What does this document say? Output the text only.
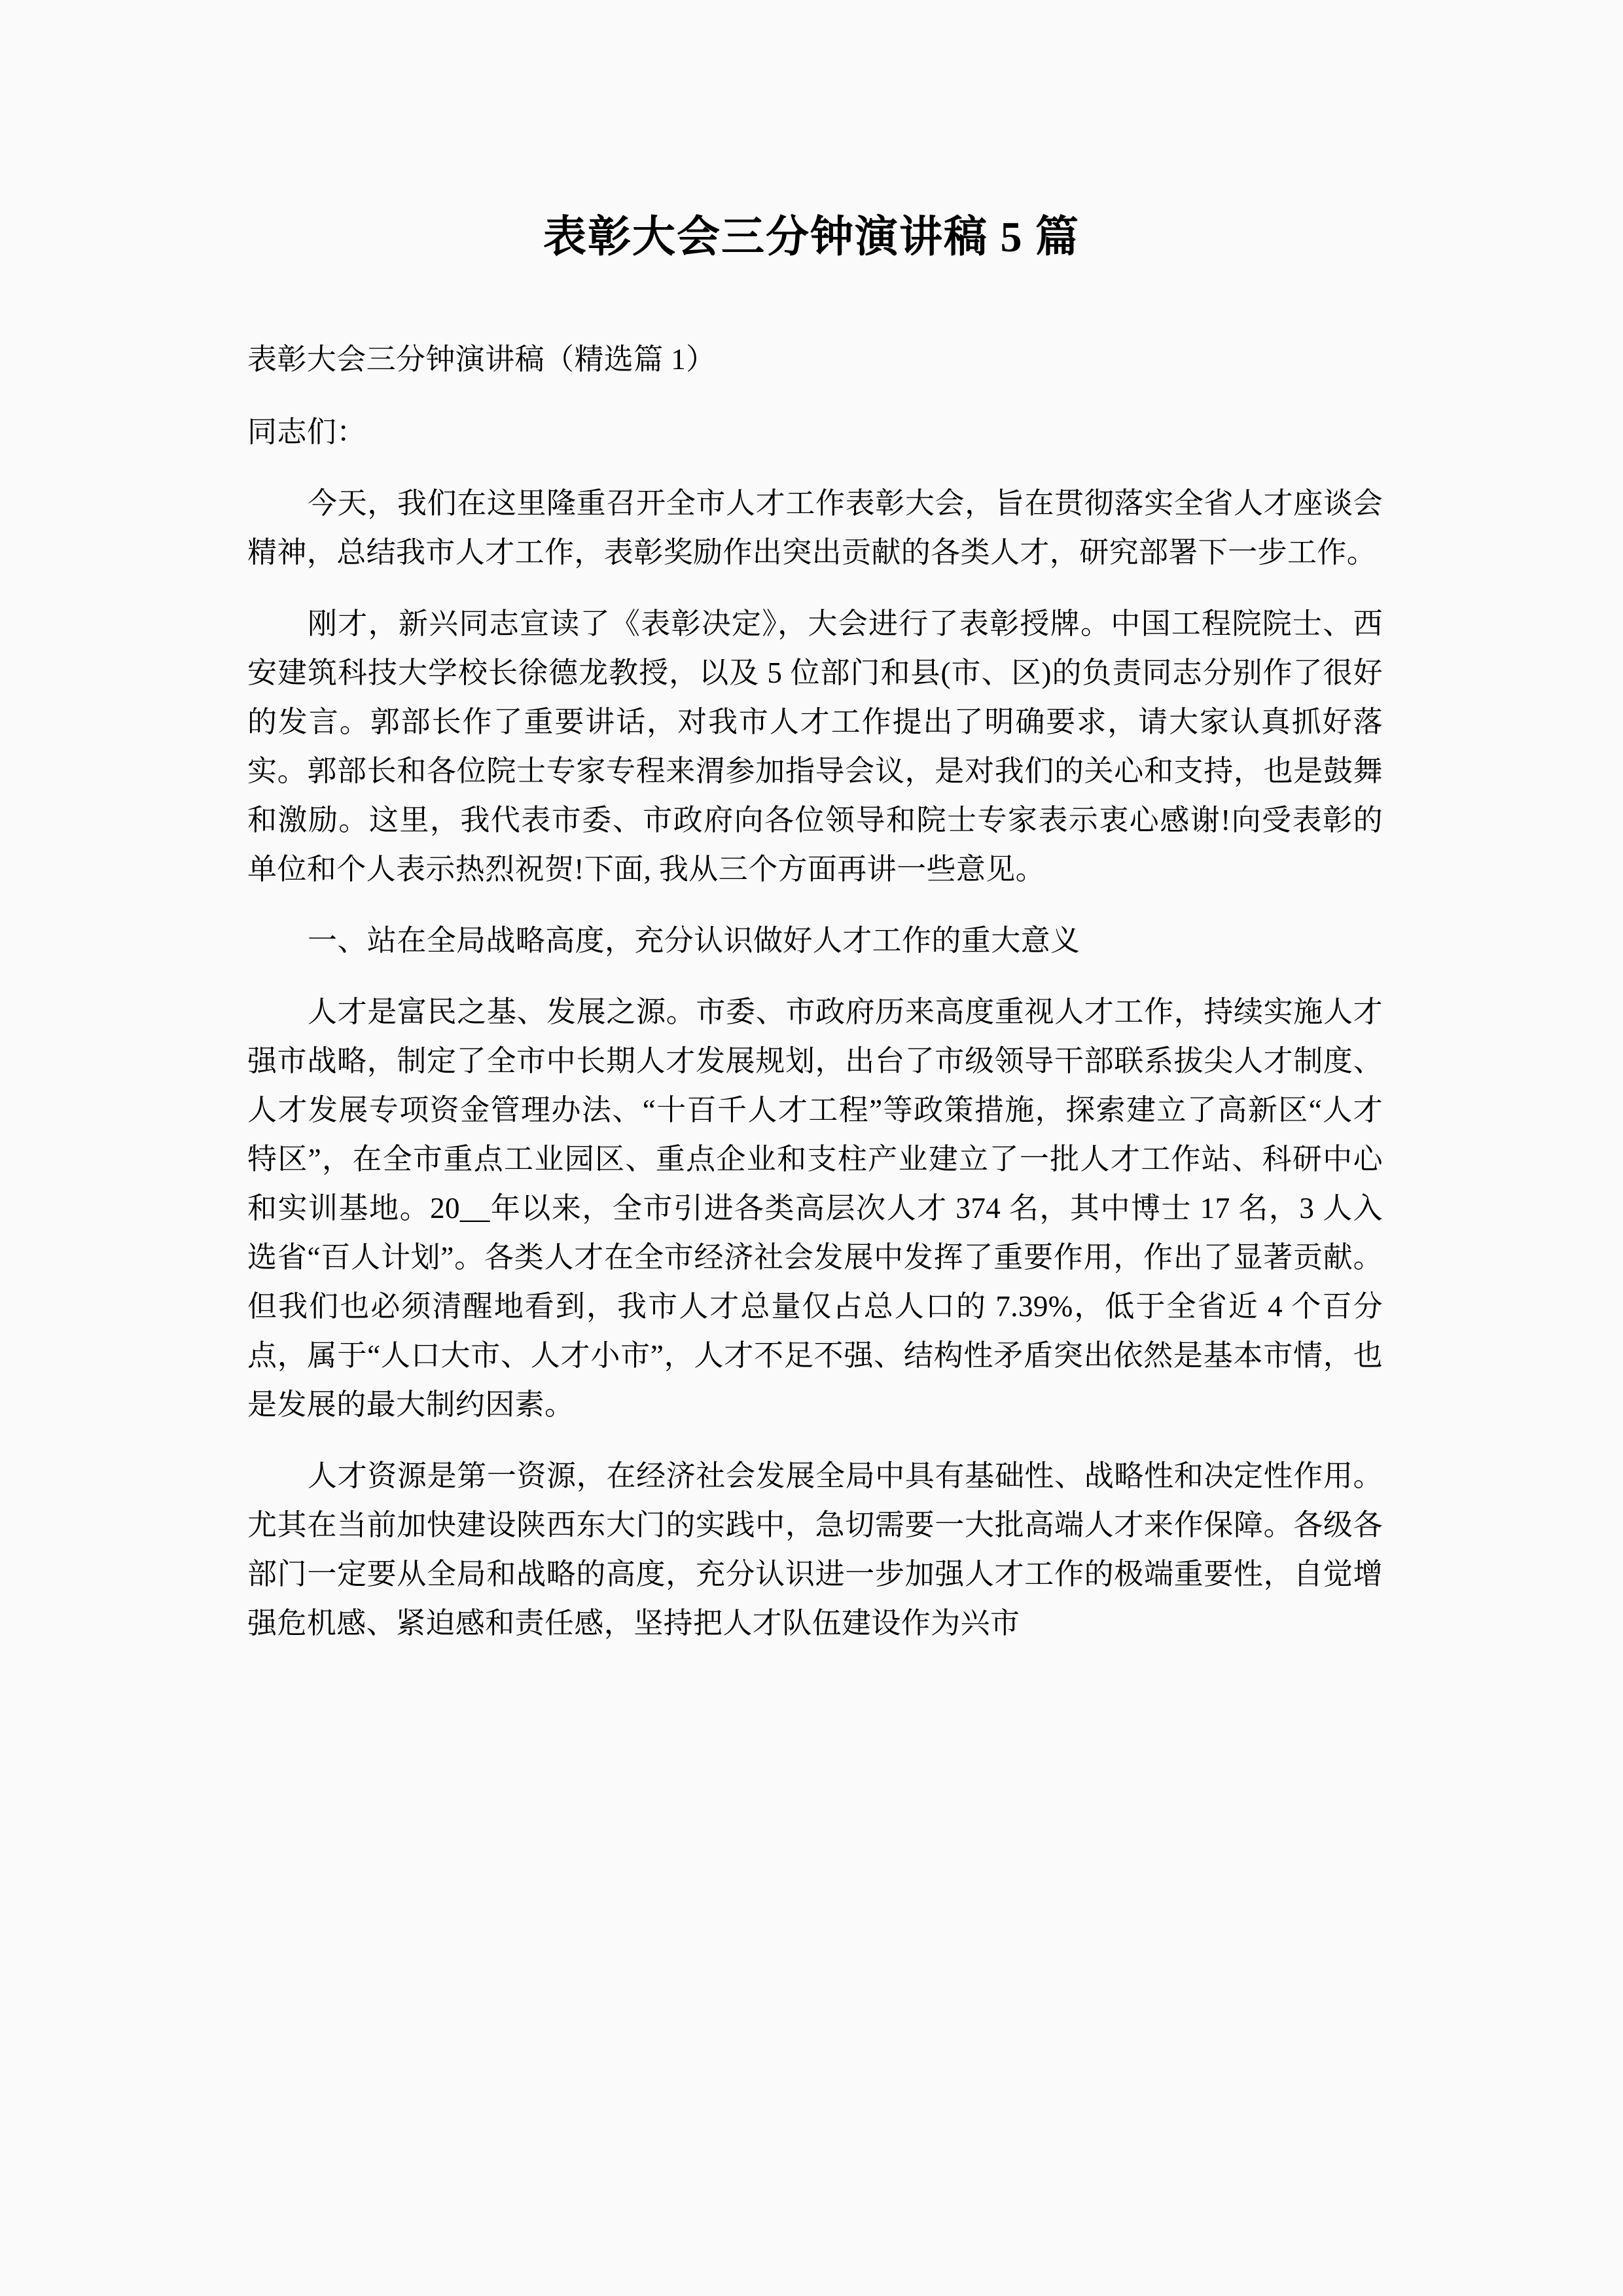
表彰大会三分钟演讲稿 5 篇

表彰大会三分钟演讲稿（精选篇 1）

同志们：

今天，我们在这里隆重召开全市人才工作表彰大会，旨在贯彻落实全省人才座谈会精神，总结我市人才工作，表彰奖励作出突出贡献的各类人才，研究部署下一步工作。

刚才，新兴同志宣读了《表彰决定》，大会进行了表彰授牌。中国工程院院士、西安建筑科技大学校长徐德龙教授，以及 5 位部门和县(市、区)的负责同志分别作了很好的发言。郭部长作了重要讲话，对我市人才工作提出了明确要求，请大家认真抓好落实。郭部长和各位院士专家专程来渭参加指导会议，是对我们的关心和支持，也是鼓舞和激励。这里，我代表市委、市政府向各位领导和院士专家表示衷心感谢!向受表彰的单位和个人表示热烈祝贺!下面, 我从三个方面再讲一些意见。

一、站在全局战略高度，充分认识做好人才工作的重大意义

人才是富民之基、发展之源。市委、市政府历来高度重视人才工作，持续实施人才强市战略，制定了全市中长期人才发展规划，出台了市级领导干部联系拔尖人才制度、人才发展专项资金管理办法、“十百千人才工程”等政策措施，探索建立了高新区“人才特区”，在全市重点工业园区、重点企业和支柱产业建立了一批人才工作站、科研中心和实训基地。20__年以来，全市引进各类高层次人才 374 名，其中博士 17 名，3 人入选省“百人计划”。各类人才在全市经济社会发展中发挥了重要作用，作出了显著贡献。但我们也必须清醒地看到，我市人才总量仅占总人口的 7.39%，低于全省近 4 个百分点，属于“人口大市、人才小市”，人才不足不强、结构性矛盾突出依然是基本市情，也是发展的最大制约因素。

人才资源是第一资源，在经济社会发展全局中具有基础性、战略性和决定性作用。尤其在当前加快建设陕西东大门的实践中，急切需要一大批高端人才来作保障。各级各部门一定要从全局和战略的高度，充分认识进一步加强人才工作的极端重要性，自觉增强危机感、紧迫感和责任感，坚持把人才队伍建设作为兴市
